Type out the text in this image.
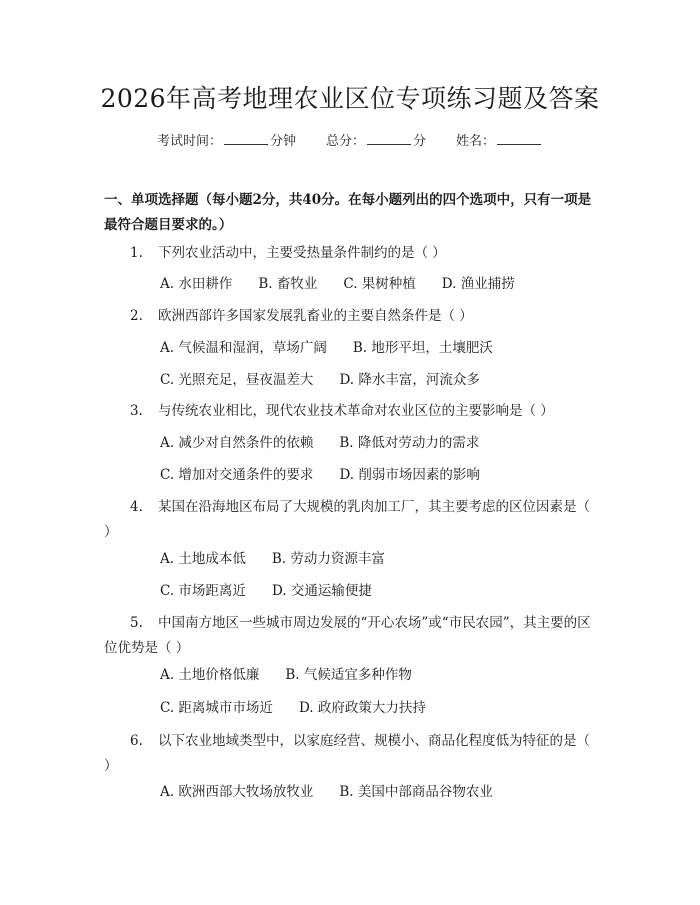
2026年高考地理农业区位专项练习题及答案
考试时间：	分钟 总分：	分 姓名：
一、单项选择题（每小题2分，共40分。在每小题列出的四个选项中，只有一项是最符合题目要求的。）
1. 下列农业活动中，主要受热量条件制约的是（ ）
A. 水田耕作 B. 畜牧业 C. 果树种植 D. 渔业捕捞
2. 欧洲西部许多国家发展乳畜业的主要自然条件是（ ）
A. 气候温和湿润，草场广阔 B. 地形平坦，土壤肥沃
C. 光照充足，昼夜温差大 D. 降水丰富，河流众多
3. 与传统农业相比，现代农业技术革命对农业区位的主要影响是（ ）
A. 减少对自然条件的依赖 B. 降低对劳动力的需求
C. 增加对交通条件的要求 D. 削弱市场因素的影响
4. 某国在沿海地区布局了大规模的乳肉加工厂，其主要考虑的区位因素是（ ）
A. 土地成本低 B. 劳动力资源丰富
C. 市场距离近 D. 交通运输便捷
5. 中国南方地区一些城市周边发展的“开心农场”或“市民农园”，其主要的区位优势是（ ）
A. 土地价格低廉 B. 气候适宜多种作物
C. 距离城市市场近 D. 政府政策大力扶持
6. 以下农业地域类型中，以家庭经营、规模小、商品化程度低为特征的是（ ）
A. 欧洲西部大牧场放牧业 B. 美国中部商品谷物农业
